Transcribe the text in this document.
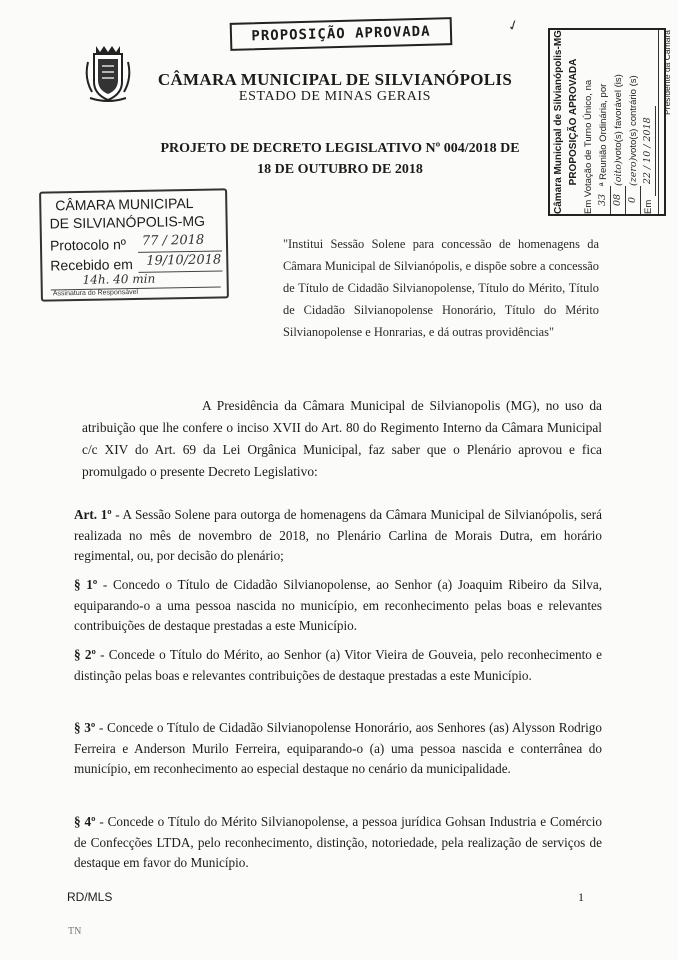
PROPOSIÇÃO APROVADA	✓
CÂMARA MUNICIPAL DE SILVIANÓPOLIS
ESTADO DE MINAS GERAIS
PROJETO DE DECRETO LEGISLATIVO Nº 004/2018 DE
18 DE OUTUBRO DE 2018	Câmara Municipal de Silvianópolis-MG PROPOSIÇÃO APROVADA Em Votação de Turno Único, na 33
ª Reunião Ordinária, por
08
(oito)
voto(s) favorável (is)
0
(zero)
voto(s) contrário (s)
Em
22 / 10 / 2018
Presidente da Câmara
CÂMARA MUNICIPAL
DE SILVIANÓPOLIS-MG
Protocolo nº 77 / 2018
Recebido em 19/10/2018
14h. 40 min
Assinatura do Responsável
"Institui Sessão Solene para concessão de homenagens da Câmara Municipal de Silvianópolis, e dispõe sobre a concessão de Título de Cidadão Silvianopolense, Título do Mérito, Título de Cidadão Silvianopolense Honorário, Título do Mérito Silvianopolense e Honrarias, e dá outras providências"
A Presidência da Câmara Municipal de Silvianopolis (MG), no uso da atribuição que lhe confere o inciso XVII do Art. 80 do Regimento Interno da Câmara Municipal c/c XIV do Art. 69 da Lei Orgânica Municipal, faz saber que o Plenário aprovou e fica promulgado o presente Decreto Legislativo:
Art. 1º - A Sessão Solene para outorga de homenagens da Câmara Municipal de Silvianópolis, será realizada no mês de novembro de 2018, no Plenário Carlina de Morais Dutra, em horário regimental, ou, por decisão do plenário;
§ 1º - Concedo o Título de Cidadão Silvianopolense, ao Senhor (a) Joaquim Ribeiro da Silva, equiparando-o a uma pessoa nascida no município, em reconhecimento pelas boas e relevantes contribuições de destaque prestadas a este Município.
§ 2º - Concede o Título do Mérito, ao Senhor (a) Vitor Vieira de Gouveia, pelo reconhecimento e distinção pelas boas e relevantes contribuições de destaque prestadas a este Município.
§ 3º - Concede o Título de Cidadão Silvianopolense Honorário, aos Senhores (as) Alysson Rodrigo Ferreira e Anderson Murilo Ferreira, equiparando-o (a) uma pessoa nascida e conterrânea do município, em reconhecimento ao especial destaque no cenário da municipalidade.
§ 4º - Concede o Título do Mérito Silvianopolense, a pessoa jurídica Gohsan Industria e Comércio de Confecções LTDA, pelo reconhecimento, distinção, notoriedade, pela realização de serviços de destaque em favor do Município.
RD/MLS	1
TN
